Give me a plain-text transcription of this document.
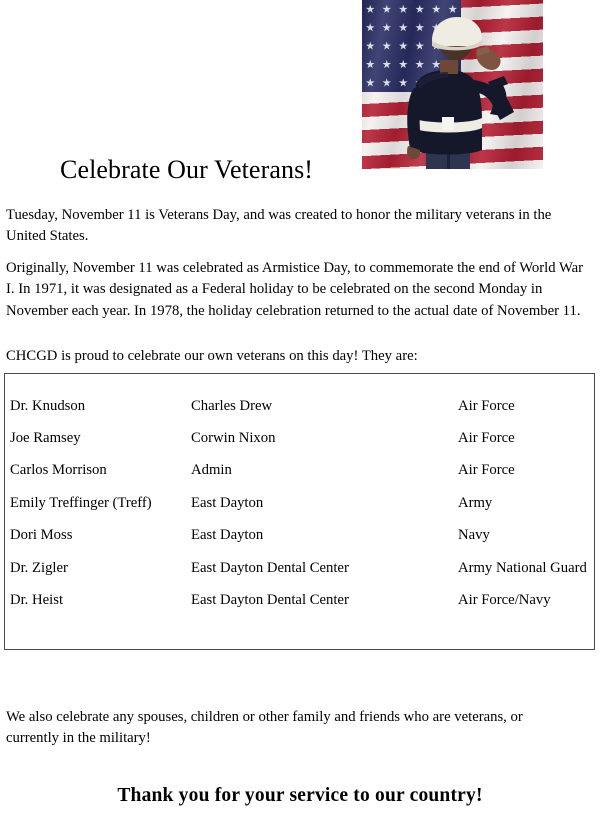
Celebrate Our Veterans!

Tuesday, November 11 is Veterans Day, and was created to honor the military veterans in the United States.

Originally, November 11 was celebrated as Armistice Day, to commemorate the end of World War I. In 1971, it was designated as a Federal holiday to be celebrated on the second Monday in November each year. In 1978, the holiday celebration returned to the actual date of November 11.

CHCGD is proud to celebrate our own veterans on this day! They are:

Dr. Knudson	Charles Drew	Air Force
Joe Ramsey	Corwin Nixon	Air Force
Carlos Morrison	Admin	Air Force
Emily Treffinger (Treff)	East Dayton	Army
Dori Moss	East Dayton	Navy
Dr. Zigler	East Dayton Dental Center	Army National Guard
Dr. Heist	East Dayton Dental Center	Air Force/Navy

We also celebrate any spouses, children or other family and friends who are veterans, or currently in the military!

Thank you for your service to our country!
